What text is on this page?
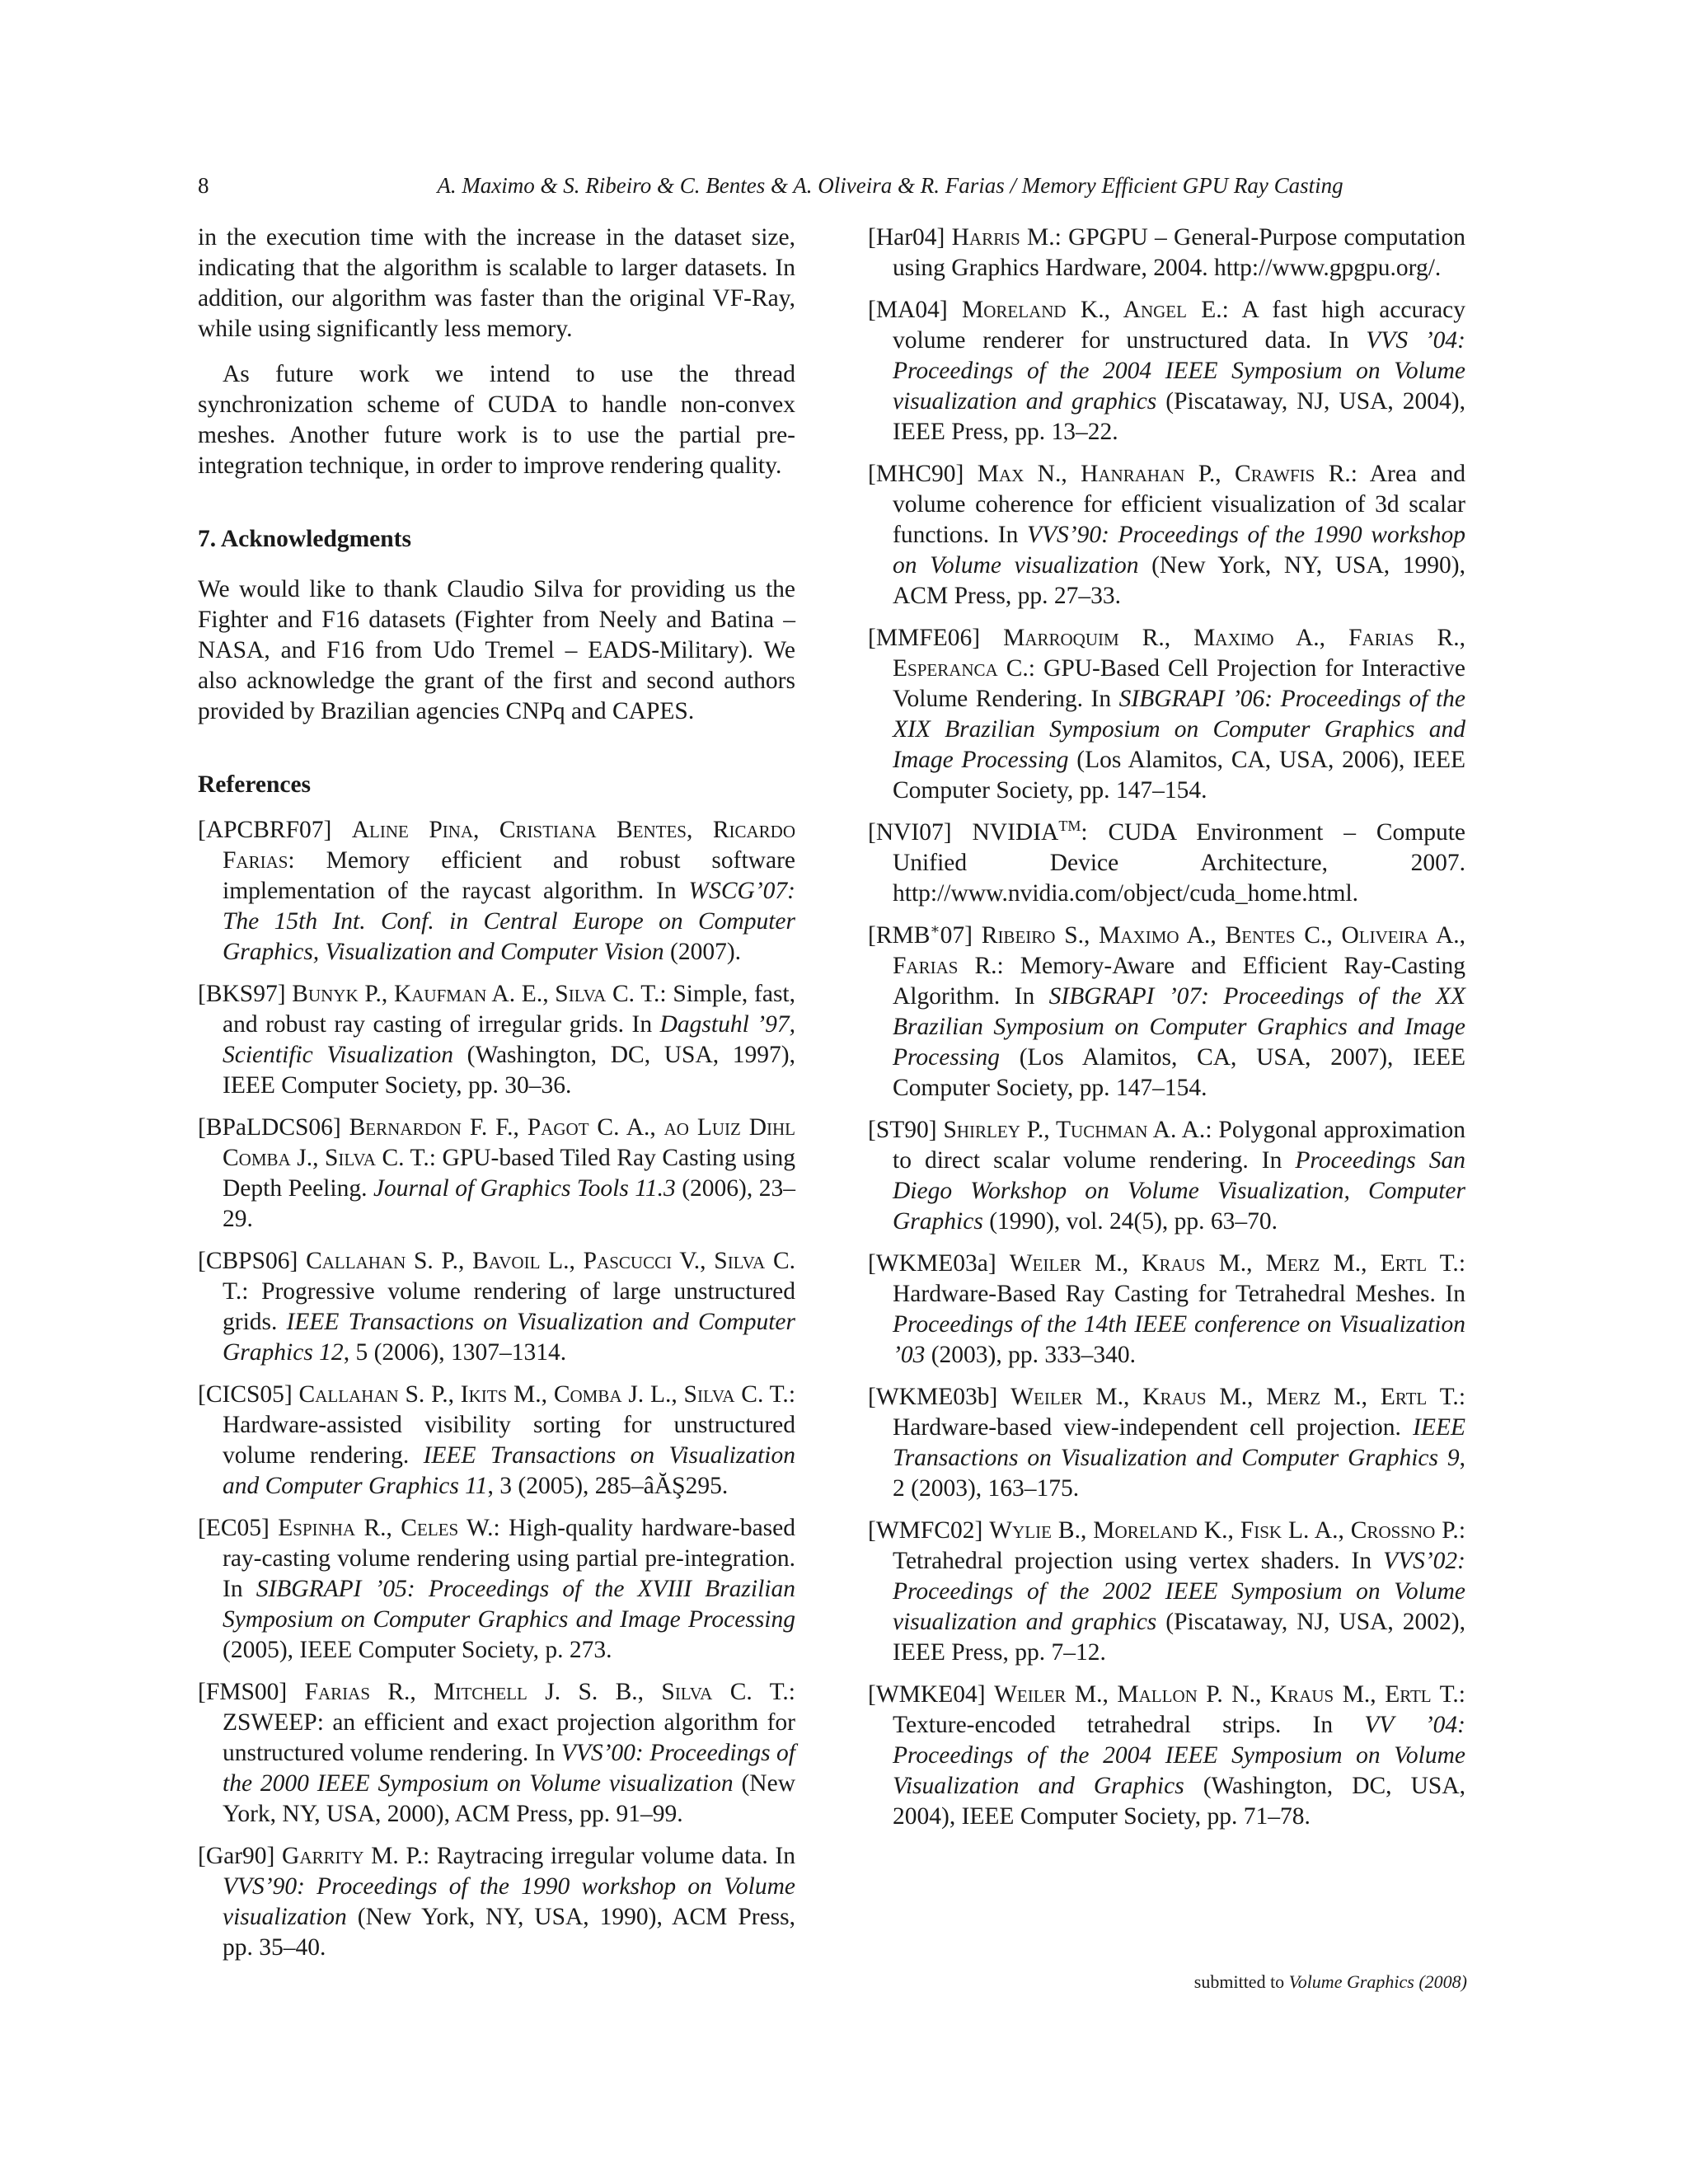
8	A. Maximo & S. Ribeiro & C. Bentes & A. Oliveira & R. Farias / Memory Efficient GPU Ray Casting

in the execution time with the increase in the dataset size, indicating that the algorithm is scalable to larger datasets. In addition, our algorithm was faster than the original VF-Ray, while using significantly less memory.

As future work we intend to use the thread synchronization scheme of CUDA to handle non-convex meshes. Another future work is to use the partial pre-integration technique, in order to improve rendering quality.

7. Acknowledgments

We would like to thank Claudio Silva for providing us the Fighter and F16 datasets (Fighter from Neely and Batina – NASA, and F16 from Udo Tremel – EADS-Military). We also acknowledge the grant of the first and second authors provided by Brazilian agencies CNPq and CAPES.

References
[APCBRF07] Aline Pina, Cristiana Bentes, Ricardo Farias: Memory efficient and robust software implementation of the raycast algorithm. In WSCG’07: The 15th Int. Conf. in Central Europe on Computer Graphics, Visualization and Computer Vision (2007).
[BKS97] Bunyk P., Kaufman A. E., Silva C. T.: Simple, fast, and robust ray casting of irregular grids. In Dagstuhl ’97, Scientific Visualization (Washington, DC, USA, 1997), IEEE Computer Society, pp. 30–36.
[BPaLDCS06] Bernardon F. F., Pagot C. A., ao Luiz Dihl Comba J., Silva C. T.: GPU-based Tiled Ray Casting using Depth Peeling. Journal of Graphics Tools 11.3 (2006), 23–29.
[CBPS06] Callahan S. P., Bavoil L., Pascucci V., Silva C. T.: Progressive volume rendering of large unstructured grids. IEEE Transactions on Visualization and Computer Graphics 12, 5 (2006), 1307–1314.
[CICS05] Callahan S. P., Ikits M., Comba J. L., Silva C. T.: Hardware-assisted visibility sorting for unstructured volume rendering. IEEE Transactions on Visualization and Computer Graphics 11, 3 (2005), 285–âĂŞ295.
[EC05] Espinha R., Celes W.: High-quality hardware-based ray-casting volume rendering using partial pre-integration. In SIBGRAPI ’05: Proceedings of the XVIII Brazilian Symposium on Computer Graphics and Image Processing (2005), IEEE Computer Society, p. 273.
[FMS00] Farias R., Mitchell J. S. B., Silva C. T.: ZSWEEP: an efficient and exact projection algorithm for unstructured volume rendering. In VVS’00: Proceedings of the 2000 IEEE Symposium on Volume visualization (New York, NY, USA, 2000), ACM Press, pp. 91–99.
[Gar90] Garrity M. P.: Raytracing irregular volume data. In VVS’90: Proceedings of the 1990 workshop on Volume visualization (New York, NY, USA, 1990), ACM Press, pp. 35–40.
[Har04] Harris M.: GPGPU – General-Purpose computation using Graphics Hardware, 2004. http://www.gpgpu.org/.
[MA04] Moreland K., Angel E.: A fast high accuracy volume renderer for unstructured data. In VVS ’04: Proceedings of the 2004 IEEE Symposium on Volume visualization and graphics (Piscataway, NJ, USA, 2004), IEEE Press, pp. 13–22.
[MHC90] Max N., Hanrahan P., Crawfis R.: Area and volume coherence for efficient visualization of 3d scalar functions. In VVS’90: Proceedings of the 1990 workshop on Volume visualization (New York, NY, USA, 1990), ACM Press, pp. 27–33.
[MMFE06] Marroquim R., Maximo A., Farias R., Esperanca C.: GPU-Based Cell Projection for Interactive Volume Rendering. In SIBGRAPI ’06: Proceedings of the XIX Brazilian Symposium on Computer Graphics and Image Processing (Los Alamitos, CA, USA, 2006), IEEE Computer Society, pp. 147–154.
[NVI07] NVIDIA™: CUDA Environment – Compute Unified Device Architecture, 2007. http://www.nvidia.com/object/cuda_home.html.
[RMB∗07] Ribeiro S., Maximo A., Bentes C., Oliveira A., Farias R.: Memory-Aware and Efficient Ray-Casting Algorithm. In SIBGRAPI ’07: Proceedings of the XX Brazilian Symposium on Computer Graphics and Image Processing (Los Alamitos, CA, USA, 2007), IEEE Computer Society, pp. 147–154.
[ST90] Shirley P., Tuchman A. A.: Polygonal approximation to direct scalar volume rendering. In Proceedings San Diego Workshop on Volume Visualization, Computer Graphics (1990), vol. 24(5), pp. 63–70.
[WKME03a] Weiler M., Kraus M., Merz M., Ertl T.: Hardware-Based Ray Casting for Tetrahedral Meshes. In Proceedings of the 14th IEEE conference on Visualization ’03 (2003), pp. 333–340.
[WKME03b] Weiler M., Kraus M., Merz M., Ertl T.: Hardware-based view-independent cell projection. IEEE Transactions on Visualization and Computer Graphics 9, 2 (2003), 163–175.
[WMFC02] Wylie B., Moreland K., Fisk L. A., Crossno P.: Tetrahedral projection using vertex shaders. In VVS’02: Proceedings of the 2002 IEEE Symposium on Volume visualization and graphics (Piscataway, NJ, USA, 2002), IEEE Press, pp. 7–12.
[WMKE04] Weiler M., Mallon P. N., Kraus M., Ertl T.: Texture-encoded tetrahedral strips. In VV ’04: Proceedings of the 2004 IEEE Symposium on Volume Visualization and Graphics (Washington, DC, USA, 2004), IEEE Computer Society, pp. 71–78.
submitted to Volume Graphics (2008)
